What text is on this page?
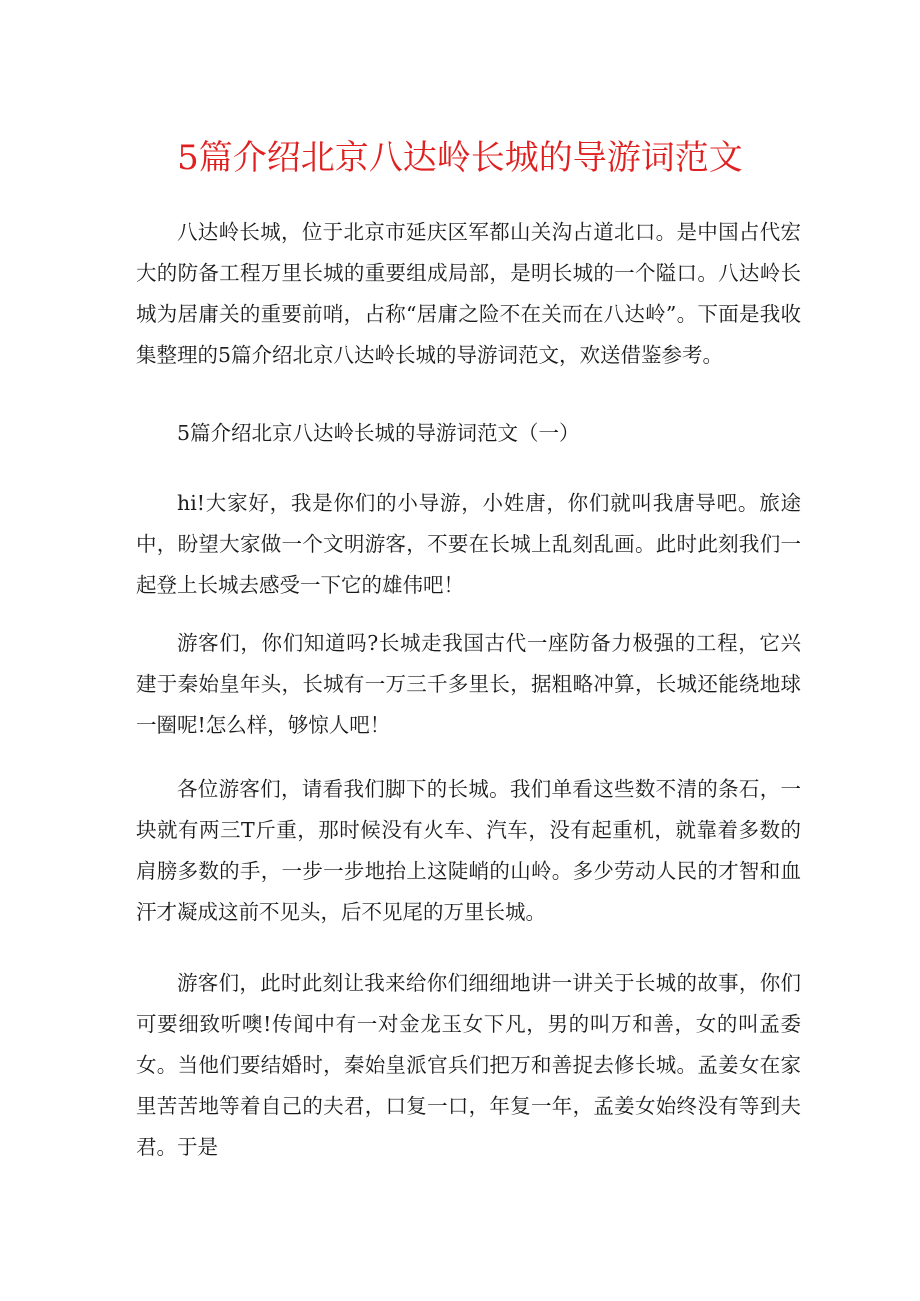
5篇介绍北京八达岭长城的导游词范文

八达岭长城，位于北京市延庆区军都山关沟占道北口。是中国占代宏大的防备工程万里长城的重要组成局部，是明长城的一个隘口。八达岭长城为居庸关的重要前哨，占称“居庸之险不在关而在八达岭”。下面是我收集整理的5篇介绍北京八达岭长城的导游词范文，欢送借鉴参考。

5篇介绍北京八达岭长城的导游词范文（一）

hi!大家好，我是你们的小导游，小姓唐，你们就叫我唐导吧。旅途中，盼望大家做一个文明游客，不要在长城上乱刻乱画。此时此刻我们一起登上长城去感受一下它的雄伟吧！

游客们，你们知道吗?长城走我国古代一座防备力极强的工程，它兴建于秦始皇年头，长城有一万三千多里长，据粗略冲算，长城还能绕地球一圈呢!怎么样，够惊人吧！

各位游客们，请看我们脚下的长城。我们单看这些数不清的条石，一块就有两三T斤重，那时候没有火车、汽车，没有起重机，就靠着多数的肩膀多数的手，一步一步地抬上这陡峭的山岭。多少劳动人民的才智和血汗才凝成这前不见头，后不见尾的万里长城。

游客们，此时此刻让我来给你们细细地讲一讲关于长城的故事，你们可要细致听噢!传闻中有一对金龙玉女下凡，男的叫万和善，女的叫孟委女。当他们要结婚时，秦始皇派官兵们把万和善捉去修长城。孟姜女在家里苦苦地等着自己的夫君，口复一口，年复一年，孟姜女始终没有等到夫君。于是
